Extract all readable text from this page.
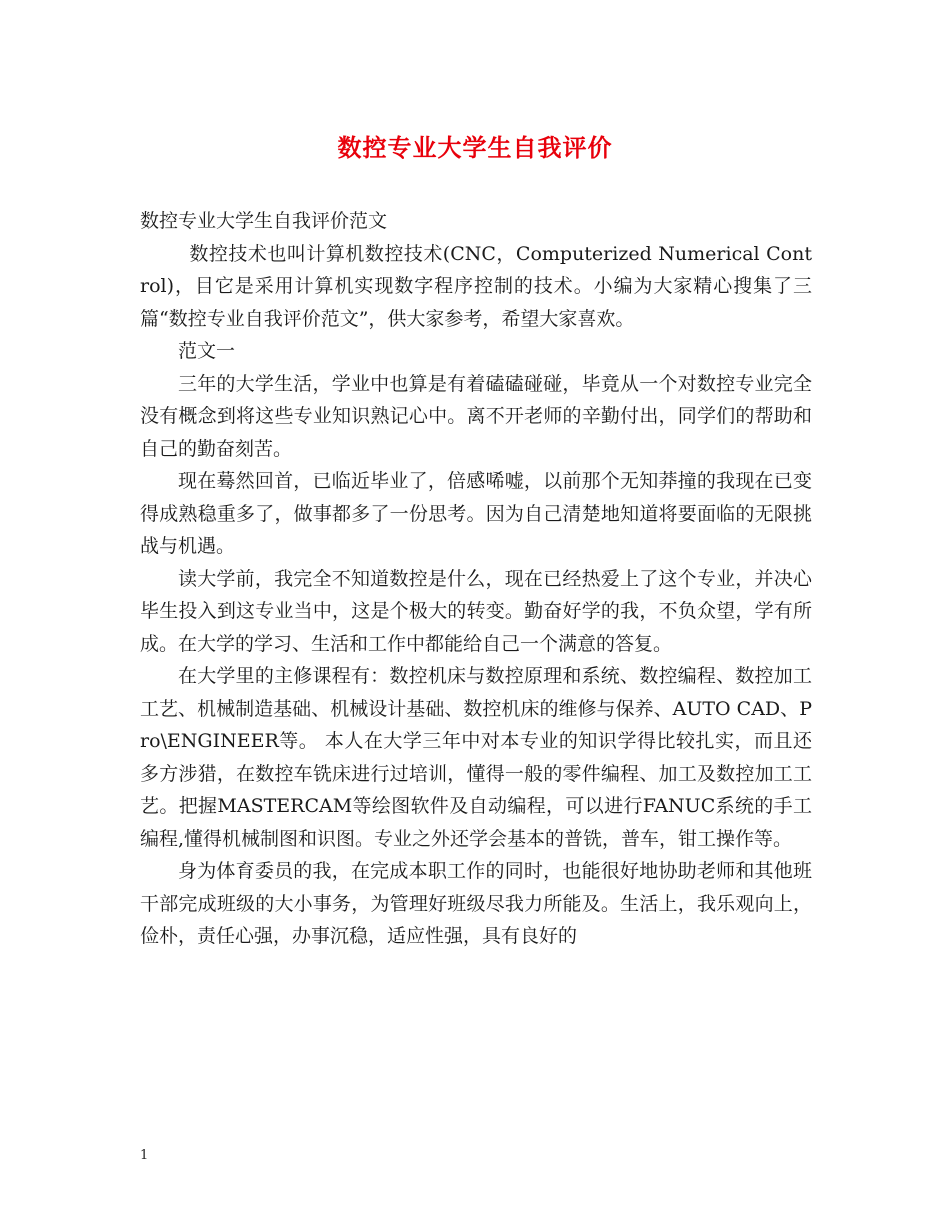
数控专业大学生自我评价

数控专业大学生自我评价范文

数控技术也叫计算机数控技术(CNC，Computerized Numerical Control)，目它是采用计算机实现数字程序控制的技术。小编为大家精心搜集了三篇“数控专业自我评价范文”，供大家参考，希望大家喜欢。

范文一

三年的大学生活，学业中也算是有着磕磕碰碰，毕竟从一个对数控专业完全没有概念到将这些专业知识熟记心中。离不开老师的辛勤付出，同学们的帮助和自己的勤奋刻苦。

现在蓦然回首，已临近毕业了，倍感唏嘘，以前那个无知莽撞的我现在已变得成熟稳重多了，做事都多了一份思考。因为自己清楚地知道将要面临的无限挑战与机遇。

读大学前，我完全不知道数控是什么，现在已经热爱上了这个专业，并决心毕生投入到这专业当中，这是个极大的转变。勤奋好学的我，不负众望，学有所成。在大学的学习、生活和工作中都能给自己一个满意的答复。

在大学里的主修课程有：数控机床与数控原理和系统、数控编程、数控加工工艺、机械制造基础、机械设计基础、数控机床的维修与保养、AUTO CAD、Pro\ENGINEER等。 本人在大学三年中对本专业的知识学得比较扎实，而且还多方涉猎，在数控车铣床进行过培训，懂得一般的零件编程、加工及数控加工工艺。把握MASTERCAM等绘图软件及自动编程，可以进行FANUC系统的手工编程,懂得机械制图和识图。专业之外还学会基本的普铣，普车，钳工操作等。

身为体育委员的我，在完成本职工作的同时，也能很好地协助老师和其他班干部完成班级的大小事务，为管理好班级尽我力所能及。生活上，我乐观向上，俭朴，责任心强，办事沉稳，适应性强，具有良好的

1
